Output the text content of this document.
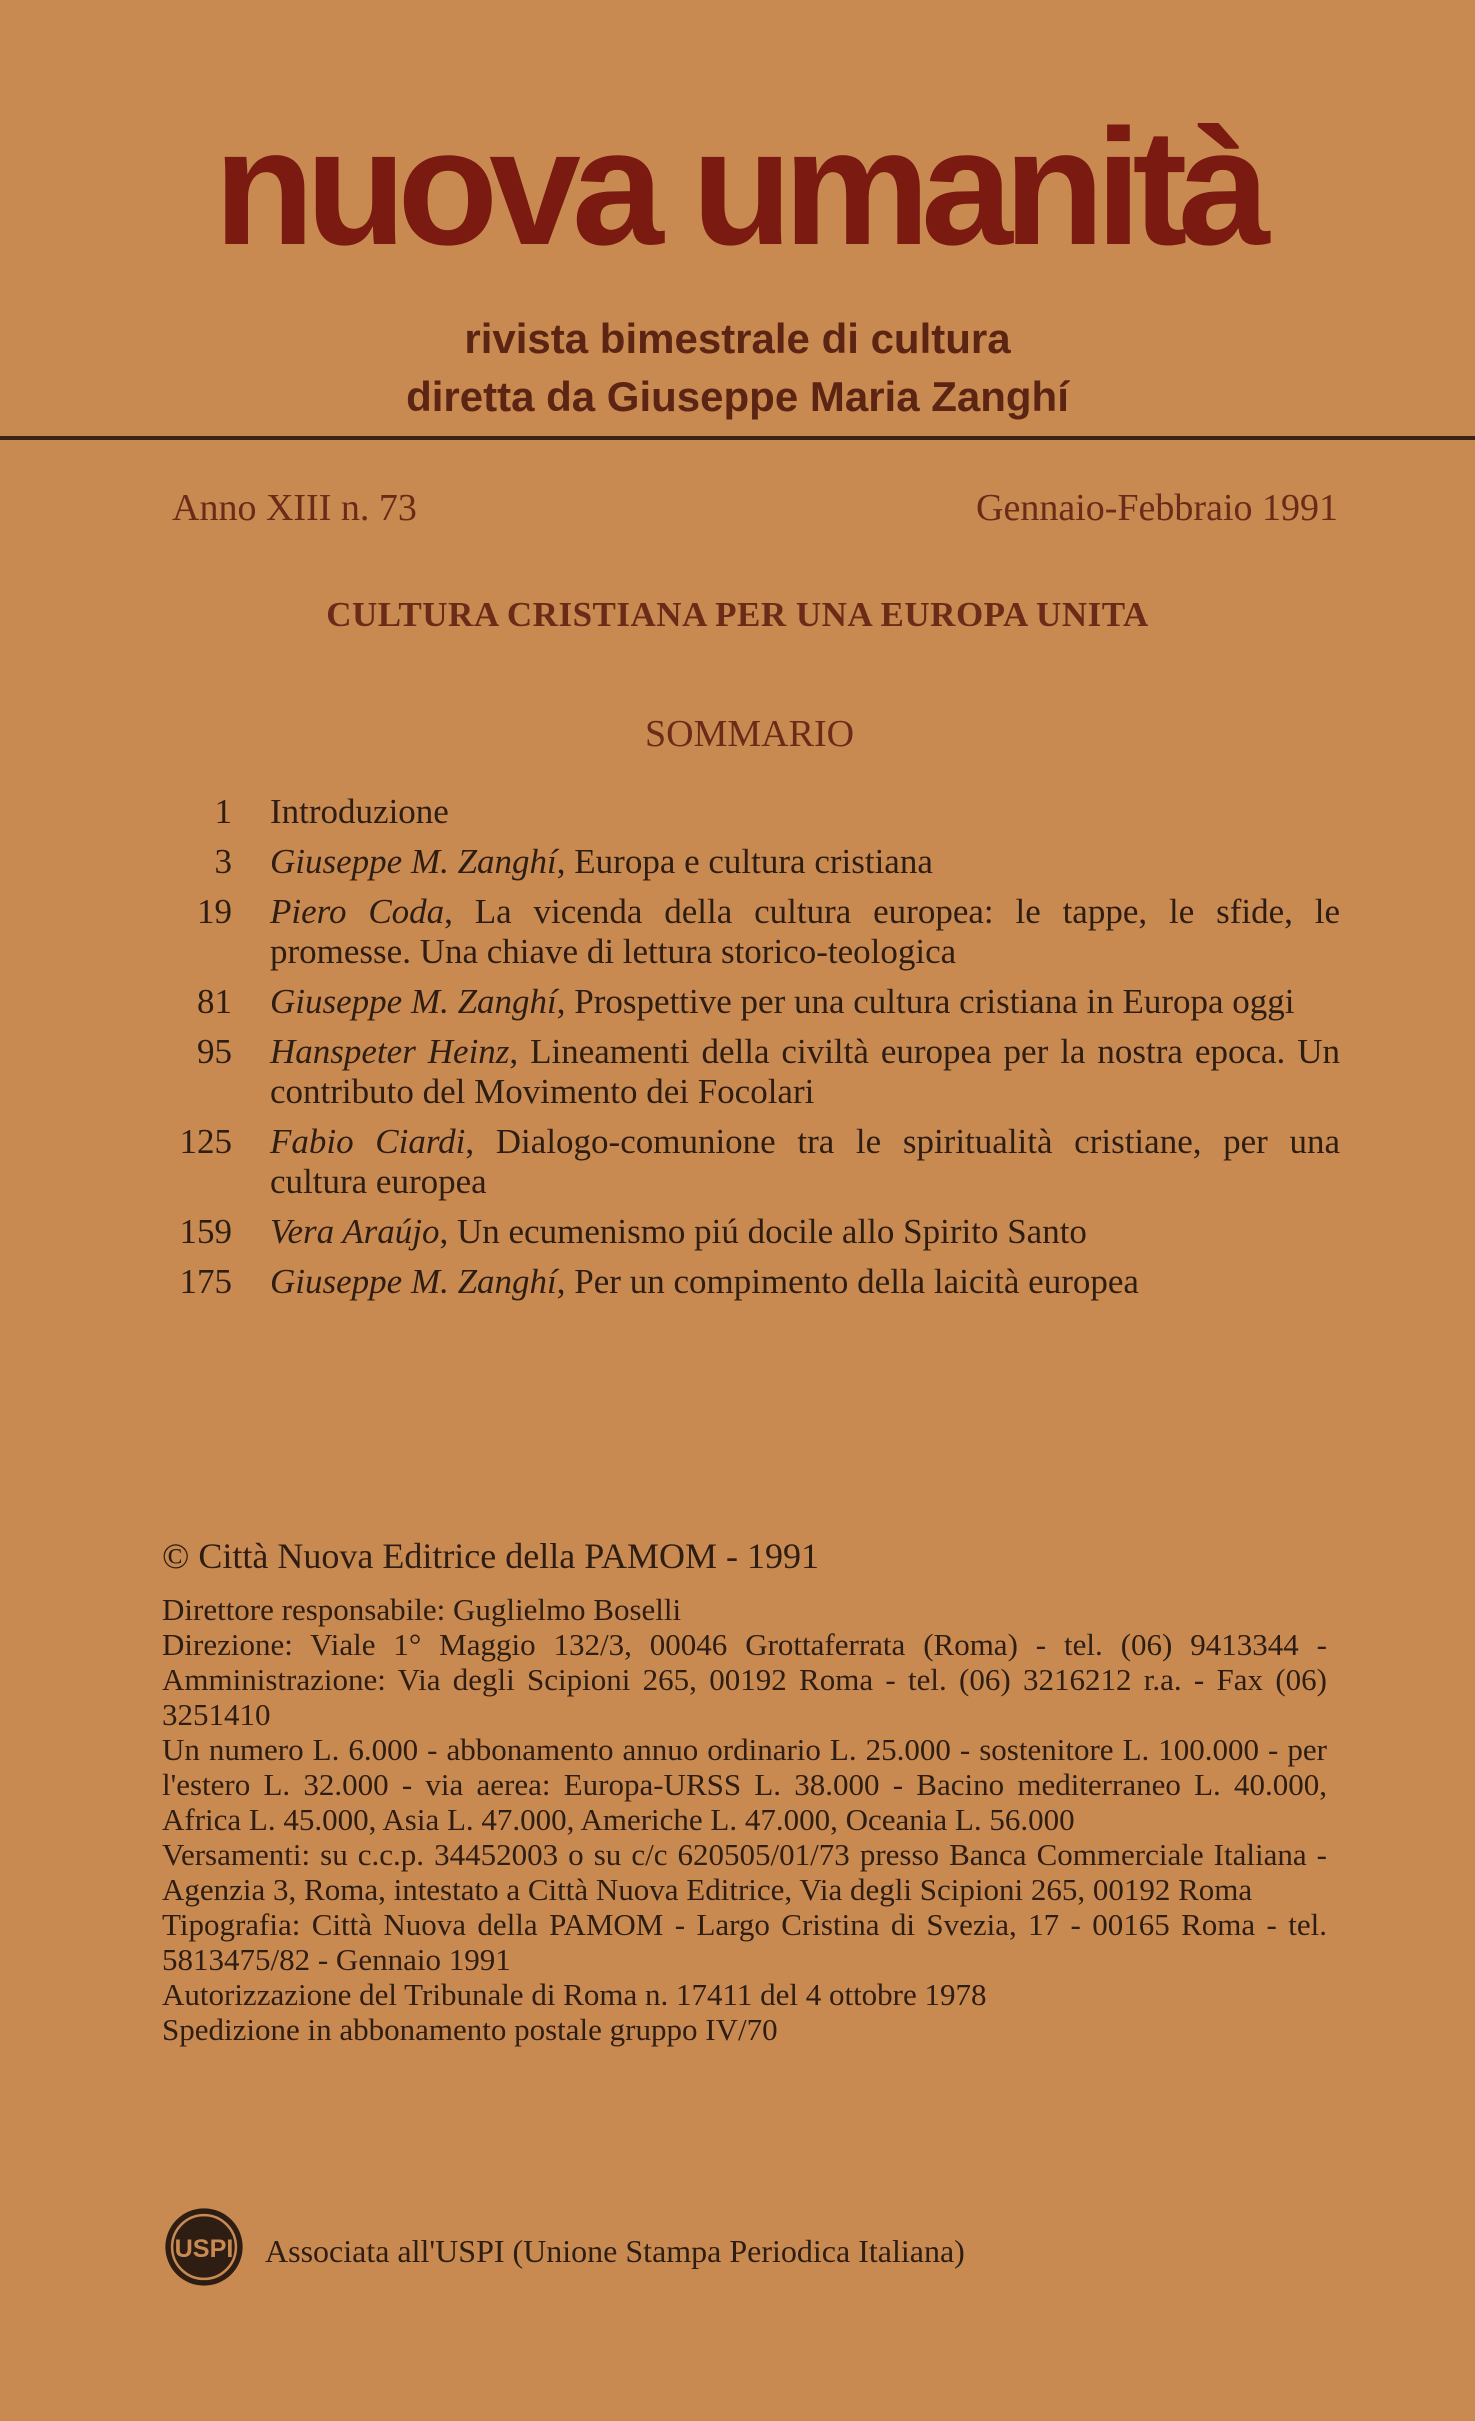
nuova umanità
rivista bimestrale di cultura
diretta da Giuseppe Maria Zanghí
Anno XIII n. 73	Gennaio-Febbraio 1991
CULTURA CRISTIANA PER UNA EUROPA UNITA
SOMMARIO
1 Introduzione
3 Giuseppe M. Zanghí, Europa e cultura cristiana
19 Piero Coda, La vicenda della cultura europea: le tappe, le sfide, le promesse. Una chiave di lettura storico-teologica
81 Giuseppe M. Zanghí, Prospettive per una cultura cristiana in Europa oggi
95 Hanspeter Heinz, Lineamenti della civiltà europea per la nostra epoca. Un contributo del Movimento dei Focolari
125 Fabio Ciardi, Dialogo-comunione tra le spiritualità cristiane, per una cultura europea
159 Vera Araújo, Un ecumenismo piú docile allo Spirito Santo
175 Giuseppe M. Zanghí, Per un compimento della laicità europea
© Città Nuova Editrice della PAMOM - 1991

Direttore responsabile: Guglielmo Boselli

Direzione: Viale 1° Maggio 132/3, 00046 Grottaferrata (Roma) - tel. (06) 9413344 - Amministrazione: Via degli Scipioni 265, 00192 Roma - tel. (06) 3216212 r.a. - Fax (06) 3251410

Un numero L. 6.000 - abbonamento annuo ordinario L. 25.000 - sostenitore L. 100.000 - per l'estero L. 32.000 - via aerea: Europa-URSS L. 38.000 - Bacino mediterraneo L. 40.000, Africa L. 45.000, Asia L. 47.000, Americhe L. 47.000, Oceania L. 56.000

Versamenti: su c.c.p. 34452003 o su c/c 620505/01/73 presso Banca Commerciale Italiana - Agenzia 3, Roma, intestato a Città Nuova Editrice, Via degli Scipioni 265, 00192 Roma

Tipografia: Città Nuova della PAMOM - Largo Cristina di Svezia, 17 - 00165 Roma - tel. 5813475/82 - Gennaio 1991

Autorizzazione del Tribunale di Roma n. 17411 del 4 ottobre 1978

Spedizione in abbonamento postale gruppo IV/70

USPI Associata all'USPI (Unione Stampa Periodica Italiana)
